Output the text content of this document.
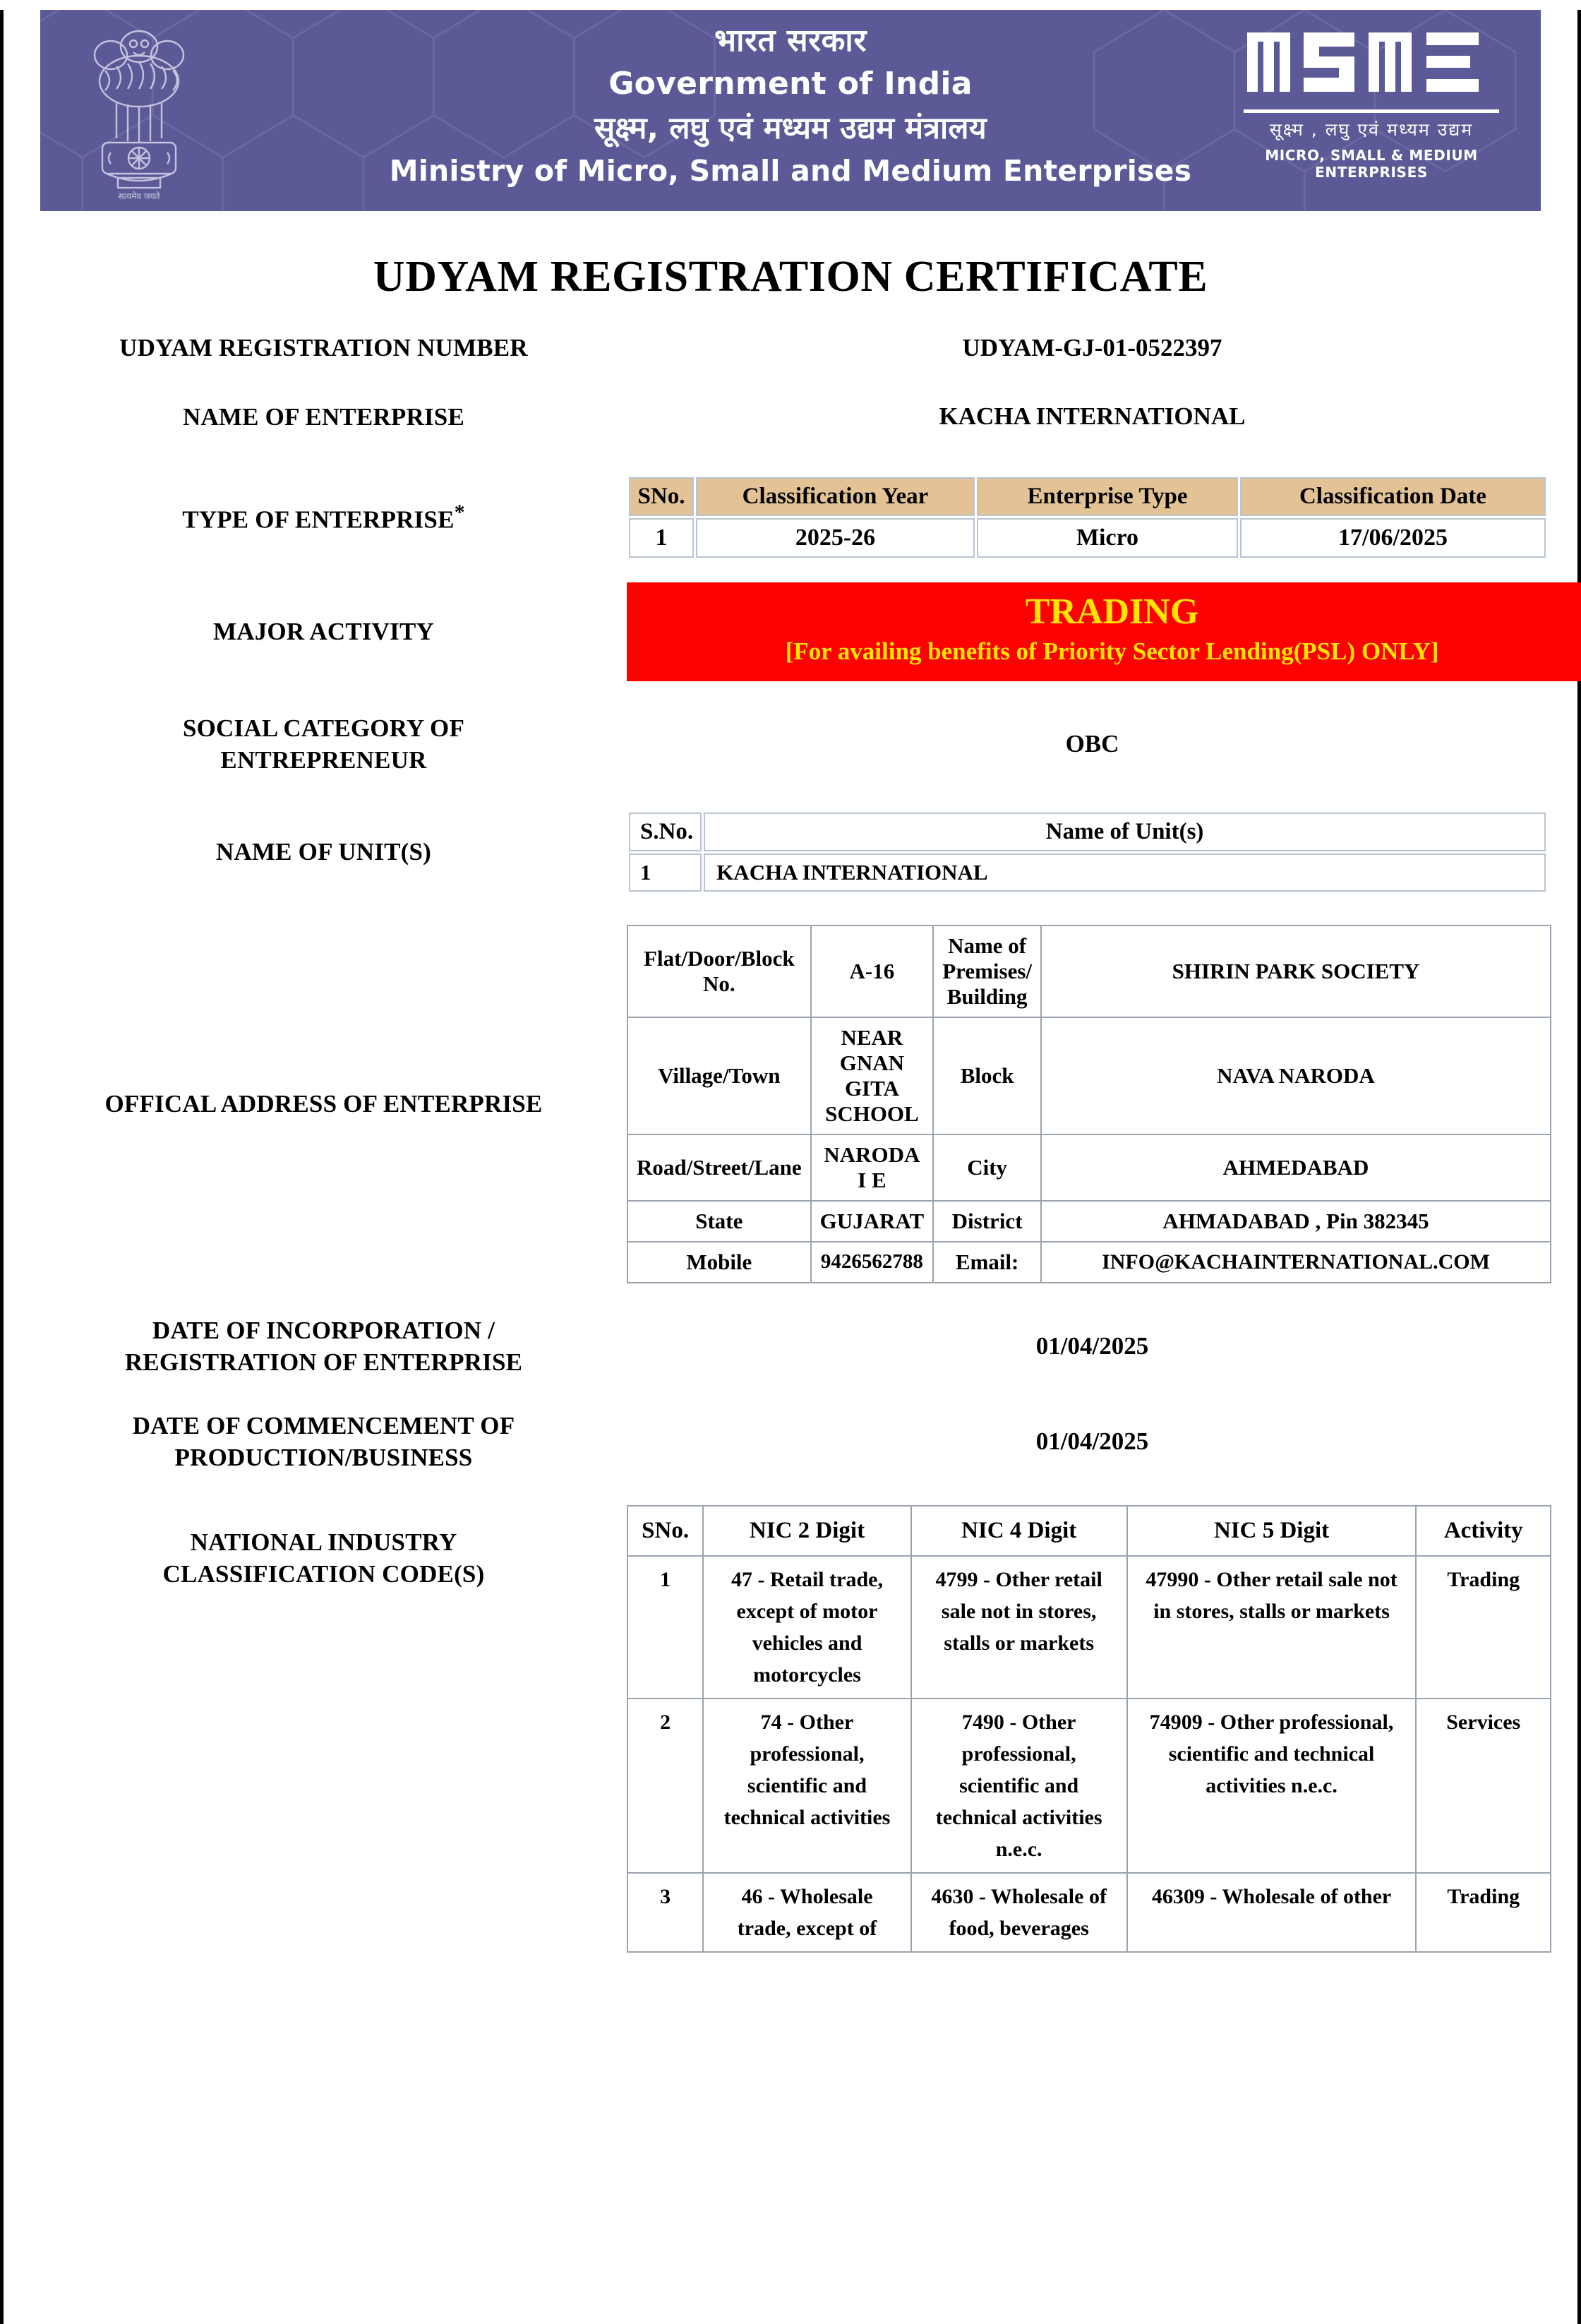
सत्यमेव जयते
भारत सरकार
Government of India
सूक्ष्म, लघु एवं मध्यम उद्यम मंत्रालय
Ministry of Micro, Small and Medium Enterprises
सूक्ष्म , लघु एवं मध्यम उद्यम
MICRO, SMALL & MEDIUM ENTERPRISES
UDYAM REGISTRATION CERTIFICATE
UDYAM REGISTRATION NUMBER	UDYAM-GJ-01-0522397
NAME OF ENTERPRISE	KACHA INTERNATIONAL
TYPE OF ENTERPRISE*
SNo.	Classification Year	Enterprise Type	Classification Date
1	2025-26	Micro	17/06/2025
MAJOR ACTIVITY	TRADING
[For availing benefits of Priority Sector Lending(PSL) ONLY]
SOCIAL CATEGORY OF
ENTREPRENEUR
OBC
NAME OF UNIT(S)
S.No.	Name of Unit(s)
1	KACHA INTERNATIONAL
OFFICAL ADDRESS OF ENTERPRISE
Flat/Door/Block No.	A-16	Name of Premises/ Building	SHIRIN PARK SOCIETY
Village/Town	NEAR GNAN GITA SCHOOL	Block	NAVA NARODA
Road/Street/Lane	NARODA I E	City	AHMEDABAD
State	GUJARAT	District	AHMADABAD , Pin 382345
Mobile	9426562788	Email:	INFO@KACHAINTERNATIONAL.COM
DATE OF INCORPORATION /
REGISTRATION OF ENTERPRISE
01/04/2025
DATE OF COMMENCEMENT OF
PRODUCTION/BUSINESS
01/04/2025
NATIONAL INDUSTRY
CLASSIFICATION CODE(S)
SNo.	NIC 2 Digit	NIC 4 Digit	NIC 5 Digit	Activity
1	47 - Retail trade, except of motor vehicles and motorcycles	4799 - Other retail sale not in stores, stalls or markets	47990 - Other retail sale not in stores, stalls or markets	Trading
2	74 - Other professional, scientific and technical activities	7490 - Other professional, scientific and technical activities n.e.c.	74909 - Other professional, scientific and technical activities n.e.c.	Services
3	46 - Wholesale trade, except of	4630 - Wholesale of food, beverages	46309 - Wholesale of other	Trading
